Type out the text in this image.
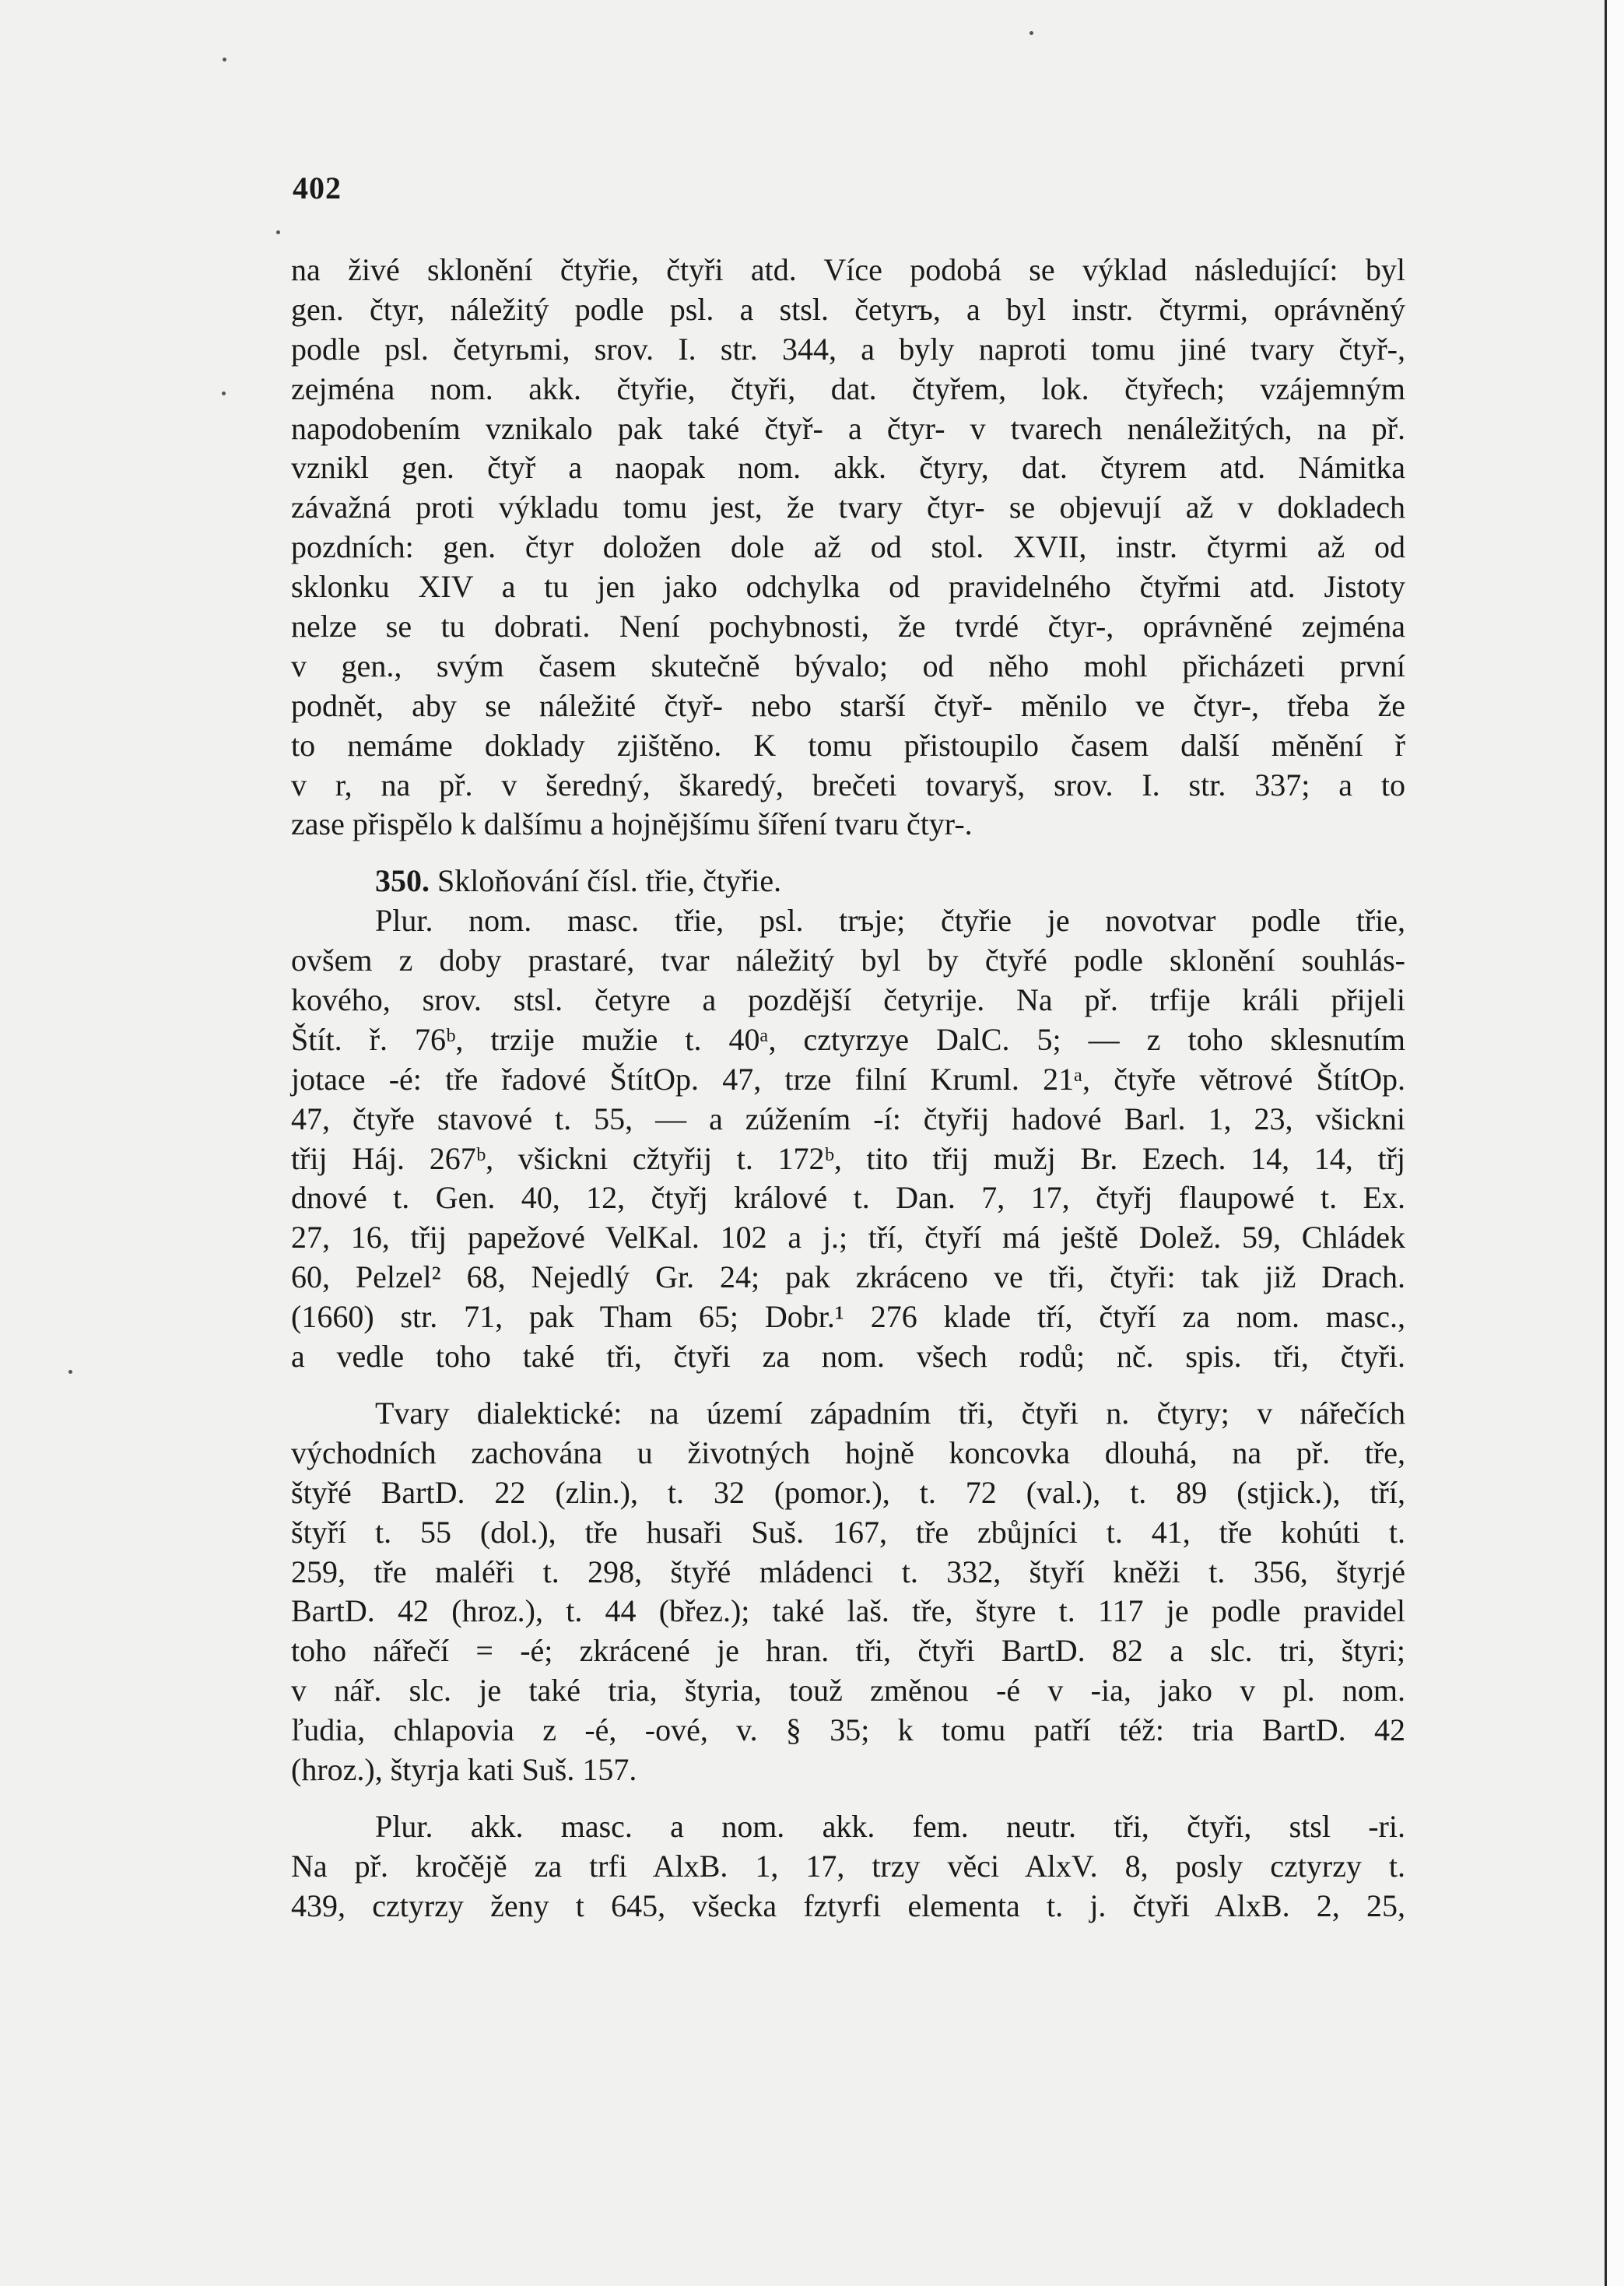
402
na živé sklonění čtyřie, čtyři atd. Více podobá se výklad následující: byl
gen. čtyr, náležitý podle psl. a stsl. četyrъ, a byl instr. čtyrmi, oprávněný
podle psl. četyrьmi, srov. I. str. 344, a byly naproti tomu jiné tvary čtyř-,
zejména nom. akk. čtyřie, čtyři, dat. čtyřem, lok. čtyřech; vzájemným
napodobením vznikalo pak také čtyř- a čtyr- v tvarech nenáležitých, na př.
vznikl gen. čtyř a naopak nom. akk. čtyry, dat. čtyrem atd. Námitka
závažná proti výkladu tomu jest, že tvary čtyr- se objevují až v dokladech
pozdních: gen. čtyr doložen dole až od stol. XVII, instr. čtyrmi až od
sklonku XIV a tu jen jako odchylka od pravidelného čtyřmi atd. Jistoty
nelze se tu dobrati. Není pochybnosti, že tvrdé čtyr-, oprávněné zejména
v gen., svým časem skutečně bývalo; od něho mohl přicházeti první
podnět, aby se náležité čtyř- nebo starší čtyř- měnilo ve čtyr-, třeba že
to nemáme doklady zjištěno. K tomu přistoupilo časem další měnění ř
v r, na př. v šeredný, škaredý, brečeti tovaryš, srov. I. str. 337; a to
zase přispělo k dalšímu a hojnějšímu šíření tvaru čtyr-.
350. Skloňování čísl. třie, čtyřie.
Plur. nom. masc. třie, psl. trъje; čtyřie je novotvar podle třie,
ovšem z doby prastaré, tvar náležitý byl by čtyřé podle sklonění souhlás-
kového, srov. stsl. četyre a pozdější četyrije. Na př. trfije králi přijeli
Štít. ř. 76ᵇ, trzije mužie t. 40ᵃ, cztyrzye DalC. 5; — z toho sklesnutím
jotace -é: tře řadové ŠtítOp. 47, trze filní Kruml. 21ᵃ, čtyře větrové ŠtítOp.
47, čtyře stavové t. 55, — a zúžením -í: čtyřij hadové Barl. 1, 23, všickni
třij Háj. 267ᵇ, všickni cžtyřij t. 172ᵇ, tito třij mužj Br. Ezech. 14, 14, třj
dnové t. Gen. 40, 12, čtyřj králové t. Dan. 7, 17, čtyřj flaupowé t. Ex.
27, 16, třij papežové VelKal. 102 a j.; tří, čtyří má ještě Dolež. 59, Chládek
60, Pelzel² 68, Nejedlý Gr. 24; pak zkráceno ve tři, čtyři: tak již Drach.
(1660) str. 71, pak Tham 65; Dobr.¹ 276 klade tří, čtyří za nom. masc.,
a vedle toho také tři, čtyři za nom. všech rodů; nč. spis. tři, čtyři.
Tvary dialektické: na území západním tři, čtyři n. čtyry; v nářečích
východních zachována u životných hojně koncovka dlouhá, na př. tře,
štyřé BartD. 22 (zlin.), t. 32 (pomor.), t. 72 (val.), t. 89 (stjick.), tří,
štyří t. 55 (dol.), tře husaři Suš. 167, tře zbůjníci t. 41, tře kohúti t.
259, tře maléři t. 298, štyřé mládenci t. 332, štyří kněži t. 356, štyrjé
BartD. 42 (hroz.), t. 44 (břez.); také laš. tře, štyre t. 117 je podle pravidel
toho nářečí = -é; zkrácené je hran. tři, čtyři BartD. 82 a slc. tri, štyri;
v nář. slc. je také tria, štyria, touž změnou -é v -ia, jako v pl. nom.
ľudia, chlapovia z -é, -ové, v. § 35; k tomu patří též: tria BartD. 42
(hroz.), štyrja kati Suš. 157.
Plur. akk. masc. a nom. akk. fem. neutr. tři, čtyři, stsl -ri.
Na př. kročějě za trfi AlxB. 1, 17, trzy věci AlxV. 8, posly cztyrzy t.
439, cztyrzy ženy t 645, všecka fztyrfi elementa t. j. čtyři AlxB. 2, 25,
